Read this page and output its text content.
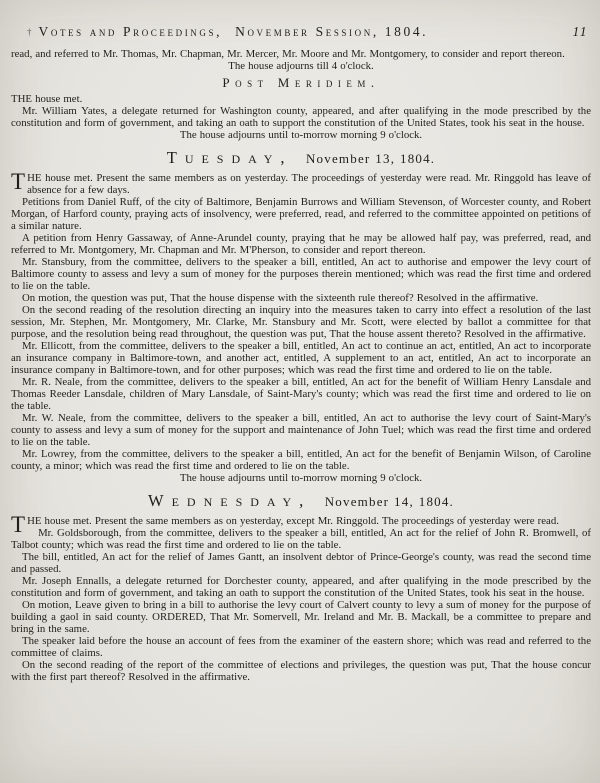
† Votes and Proceedings, November Session, 1804.	11

read, and referred to Mr. Thomas, Mr. Chapman, Mr. Mercer, Mr. Moore and Mr. Montgomery, to consider and report thereon.

The house adjourns till 4 o'clock.

Post Meridiem.

THE house met.

Mr. William Yates, a delegate returned for Washington county, appeared, and after qualifying in the mode prescribed by the constitution and form of government, and taking an oath to support the constitution of the United States, took his seat in the house.

The house adjourns until to-morrow morning 9 o'clock.

Tuesday, November 13, 1804.

THE house met. Present the same members as on yesterday. The proceedings of yesterday were read. Mr. Ringgold has leave of absence for a few days.

Petitions from Daniel Ruff, of the city of Baltimore, Benjamin Burrows and William Stevenson, of Worcester county, and Robert Morgan, of Harford county, praying acts of insolvency, were preferred, read, and referred to the committee appointed on petitions of a similar nature.

A petition from Henry Gassaway, of Anne-Arundel county, praying that he may be allowed half pay, was preferred, read, and referred to Mr. Montgomery, Mr. Chapman and Mr. M'Pherson, to consider and report thereon.

Mr. Stansbury, from the committee, delivers to the speaker a bill, entitled, An act to authorise and empower the levy court of Baltimore county to assess and levy a sum of money for the purposes therein mentioned; which was read the first time and ordered to lie on the table.

On motion, the question was put, That the house dispense with the sixteenth rule thereof? Resolved in the affirmative.

On the second reading of the resolution directing an inquiry into the measures taken to carry into effect a resolution of the last session, Mr. Stephen, Mr. Montgomery, Mr. Clarke, Mr. Stansbury and Mr. Scott, were elected by ballot a committee for that purpose, and the resolution being read throughout, the question was put, That the house assent thereto? Resolved in the affirmative.

Mr. Ellicott, from the committee, delivers to the speaker a bill, entitled, An act to continue an act, entitled, An act to incorporate an insurance company in Baltimore-town, and another act, entitled, A supplement to an act, entitled, An act to incorporate an insurance company in Baltimore-town, and for other purposes; which was read the first time and ordered to lie on the table.

Mr. R. Neale, from the committee, delivers to the speaker a bill, entitled, An act for the benefit of William Henry Lansdale and Thomas Reeder Lansdale, children of Mary Lansdale, of Saint-Mary's county; which was read the first time and ordered to lie on the table.

Mr. W. Neale, from the committee, delivers to the speaker a bill, entitled, An act to authorise the levy court of Saint-Mary's county to assess and levy a sum of money for the support and maintenance of John Tuel; which was read the first time and ordered to lie on the table.

Mr. Lowrey, from the committee, delivers to the speaker a bill, entitled, An act for the benefit of Benjamin Wilson, of Caroline county, a minor; which was read the first time and ordered to lie on the table.

The house adjourns until to-morrow morning 9 o'clock.

Wednesday, November 14, 1804.

THE house met. Present the same members as on yesterday, except Mr. Ringgold. The proceedings of yesterday were read.

Mr. Goldsborough, from the committee, delivers to the speaker a bill, entitled, An act for the relief of John R. Bromwell, of Talbot county; which was read the first time and ordered to lie on the table.

The bill, entitled, An act for the relief of James Gantt, an insolvent debtor of Prince-George's county, was read the second time and passed.

Mr. Joseph Ennalls, a delegate returned for Dorchester county, appeared, and after qualifying in the mode prescribed by the constitution and form of government, and taking an oath to support the constitution of the United States, took his seat in the house.

On motion, Leave given to bring in a bill to authorise the levy court of Calvert county to levy a sum of money for the purpose of building a gaol in said county. ORDERED, That Mr. Somervell, Mr. Ireland and Mr. B. Mackall, be a committee to prepare and bring in the same.

The speaker laid before the house an account of fees from the examiner of the eastern shore; which was read and referred to the committee of claims.

On the second reading of the report of the committee of elections and privileges, the question was put, That the house concur with the first part thereof? Resolved in the affirmative.
